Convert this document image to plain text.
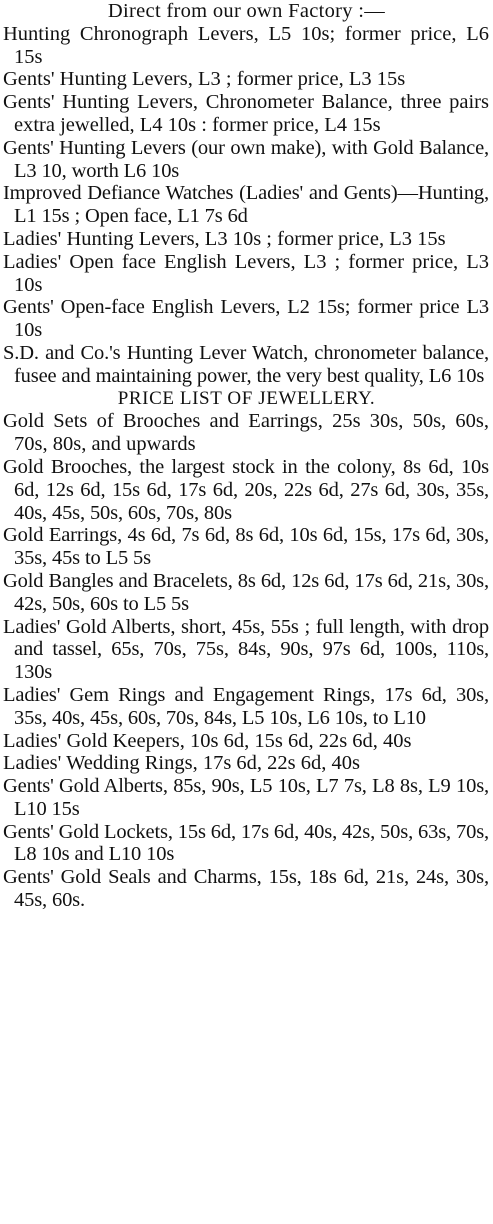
Direct from our own Factory :—

Hunting Chronograph Levers, L5 10s; former price, L6 15s

Gents' Hunting Levers, L3 ; former price, L3 15s

Gents' Hunting Levers, Chronometer Balance, three pairs extra jewelled, L4 10s : former price, L4 15s

Gents' Hunting Levers (our own make), with Gold Balance, L3 10, worth L6 10s

Improved Defiance Watches (Ladies' and Gents)—Hunting, L1 15s ; Open face, L1 7s 6d

Ladies' Hunting Levers, L3 10s ; former price, L3 15s

Ladies' Open face English Levers, L3 ; former price, L3 10s

Gents' Open-face English Levers, L2 15s; former price L3 10s

S.D. and Co.'s Hunting Lever Watch, chronometer balance, fusee and maintaining power, the very best quality, L6 10s

PRICE LIST OF JEWELLERY.

Gold Sets of Brooches and Earrings, 25s 30s, 50s, 60s, 70s, 80s, and upwards

Gold Brooches, the largest stock in the colony, 8s 6d, 10s 6d, 12s 6d, 15s 6d, 17s 6d, 20s, 22s 6d, 27s 6d, 30s, 35s, 40s, 45s, 50s, 60s, 70s, 80s

Gold Earrings, 4s 6d, 7s 6d, 8s 6d, 10s 6d, 15s, 17s 6d, 30s, 35s, 45s to L5 5s

Gold Bangles and Bracelets, 8s 6d, 12s 6d, 17s 6d, 21s, 30s, 42s, 50s, 60s to L5 5s

Ladies' Gold Alberts, short, 45s, 55s ; full length, with drop and tassel, 65s, 70s, 75s, 84s, 90s, 97s 6d, 100s, 110s, 130s

Ladies' Gem Rings and Engagement Rings, 17s 6d, 30s, 35s, 40s, 45s, 60s, 70s, 84s, L5 10s, L6 10s, to L10

Ladies' Gold Keepers, 10s 6d, 15s 6d, 22s 6d, 40s

Ladies' Wedding Rings, 17s 6d, 22s 6d, 40s

Gents' Gold Alberts, 85s, 90s, L5 10s, L7 7s, L8 8s, L9 10s, L10 15s

Gents' Gold Lockets, 15s 6d, 17s 6d, 40s, 42s, 50s, 63s, 70s, L8 10s and L10 10s

Gents' Gold Seals and Charms, 15s, 18s 6d, 21s, 24s, 30s, 45s, 60s.
